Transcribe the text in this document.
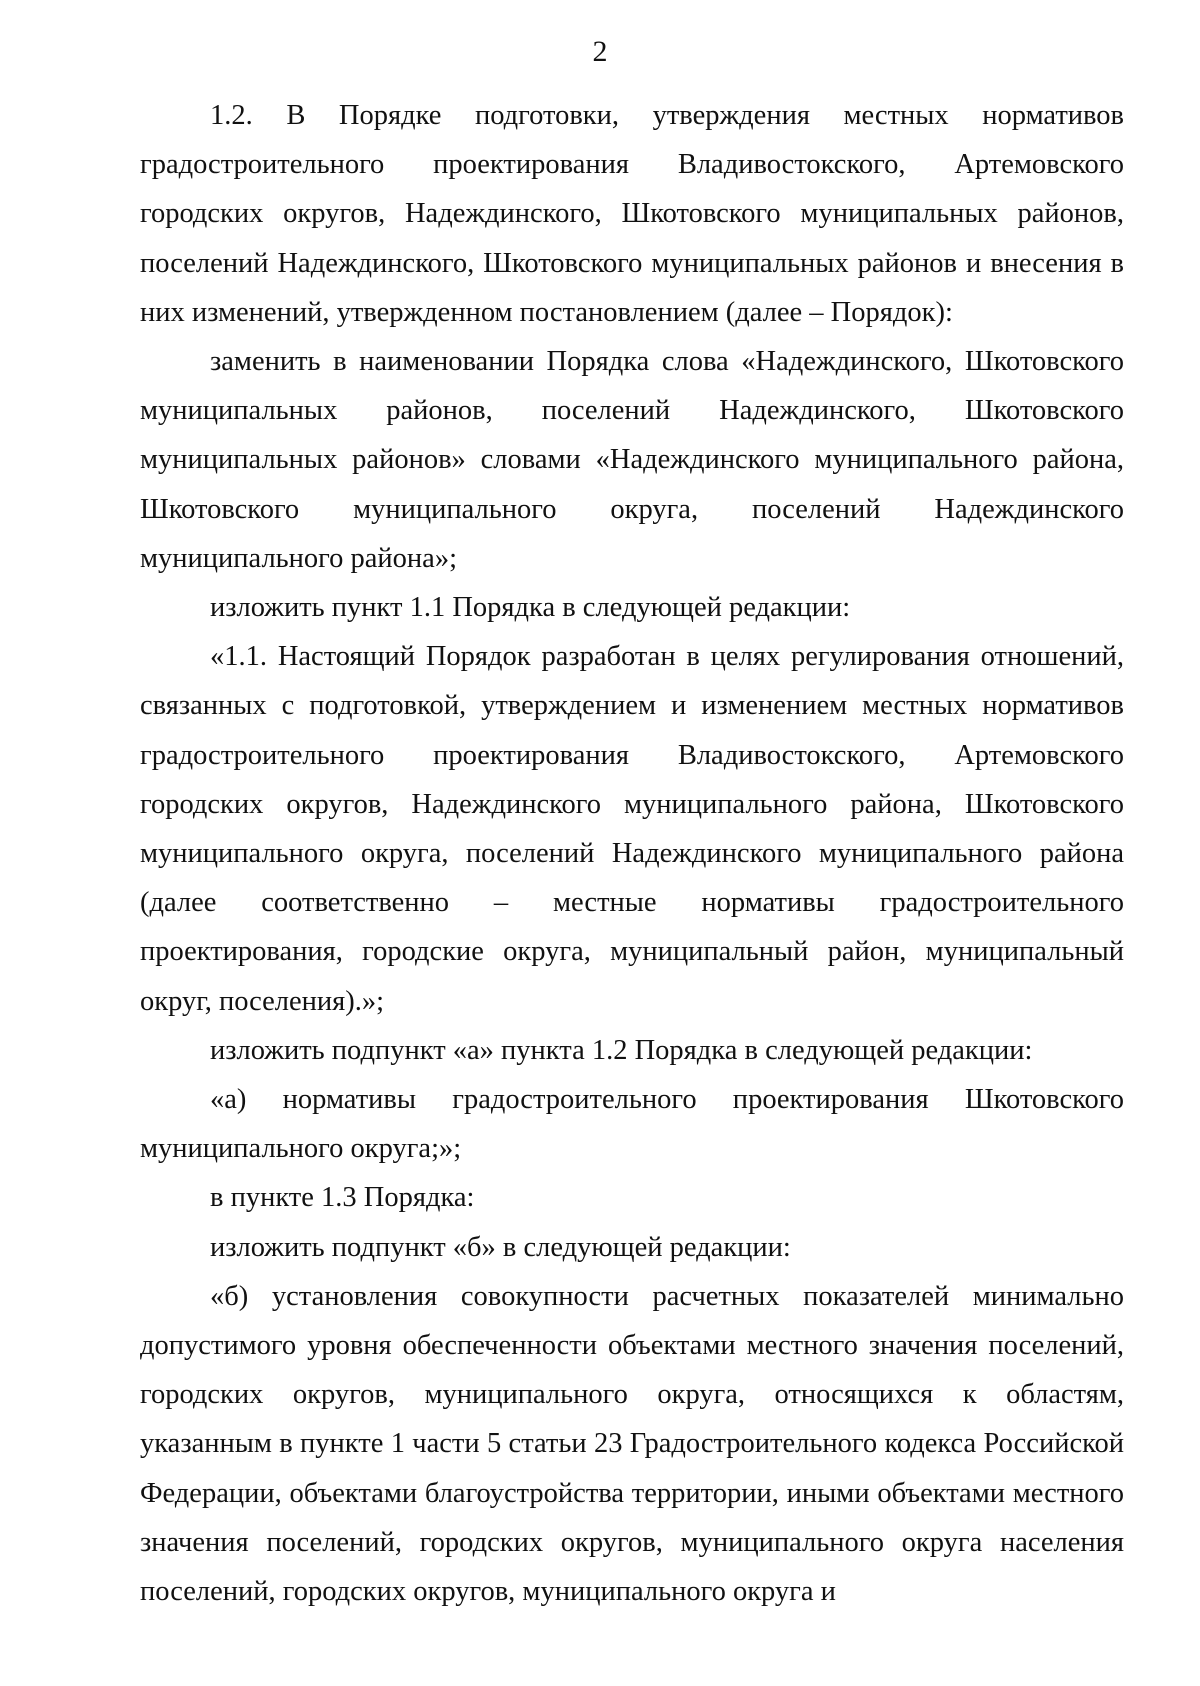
2

1.2. В Порядке подготовки, утверждения местных нормативов градостроительного проектирования Владивостокского, Артемовского городских округов, Надеждинского, Шкотовского муниципальных районов, поселений Надеждинского, Шкотовского муниципальных районов и внесения в них изменений, утвержденном постановлением (далее – Порядок):

заменить в наименовании Порядка слова «Надеждинского, Шкотовского муниципальных районов, поселений Надеждинского, Шкотовского муниципальных районов» словами «Надеждинского муниципального района, Шкотовского муниципального округа, поселений Надеждинского муниципального района»;

изложить пункт 1.1 Порядка в следующей редакции:

«1.1. Настоящий Порядок разработан в целях регулирования отношений, связанных с подготовкой, утверждением и изменением местных нормативов градостроительного проектирования Владивостокского, Артемовского городских округов, Надеждинского муниципального района, Шкотовского муниципального округа, поселений Надеждинского муниципального района (далее соответственно – местные нормативы градостроительного проектирования, городские округа, муниципальный район, муниципальный округ, поселения).»;

изложить подпункт «а» пункта 1.2 Порядка в следующей редакции:

«а) нормативы градостроительного проектирования Шкотовского муниципального округа;»;

в пункте 1.3 Порядка:

изложить подпункт «б» в следующей редакции:

«б) установления совокупности расчетных показателей минимально допустимого уровня обеспеченности объектами местного значения поселений, городских округов, муниципального округа, относящихся к областям, указанным в пункте 1 части 5 статьи 23 Градостроительного кодекса Российской Федерации, объектами благоустройства территории, иными объектами местного значения поселений, городских округов, муниципального округа населения поселений, городских округов, муниципального округа и
